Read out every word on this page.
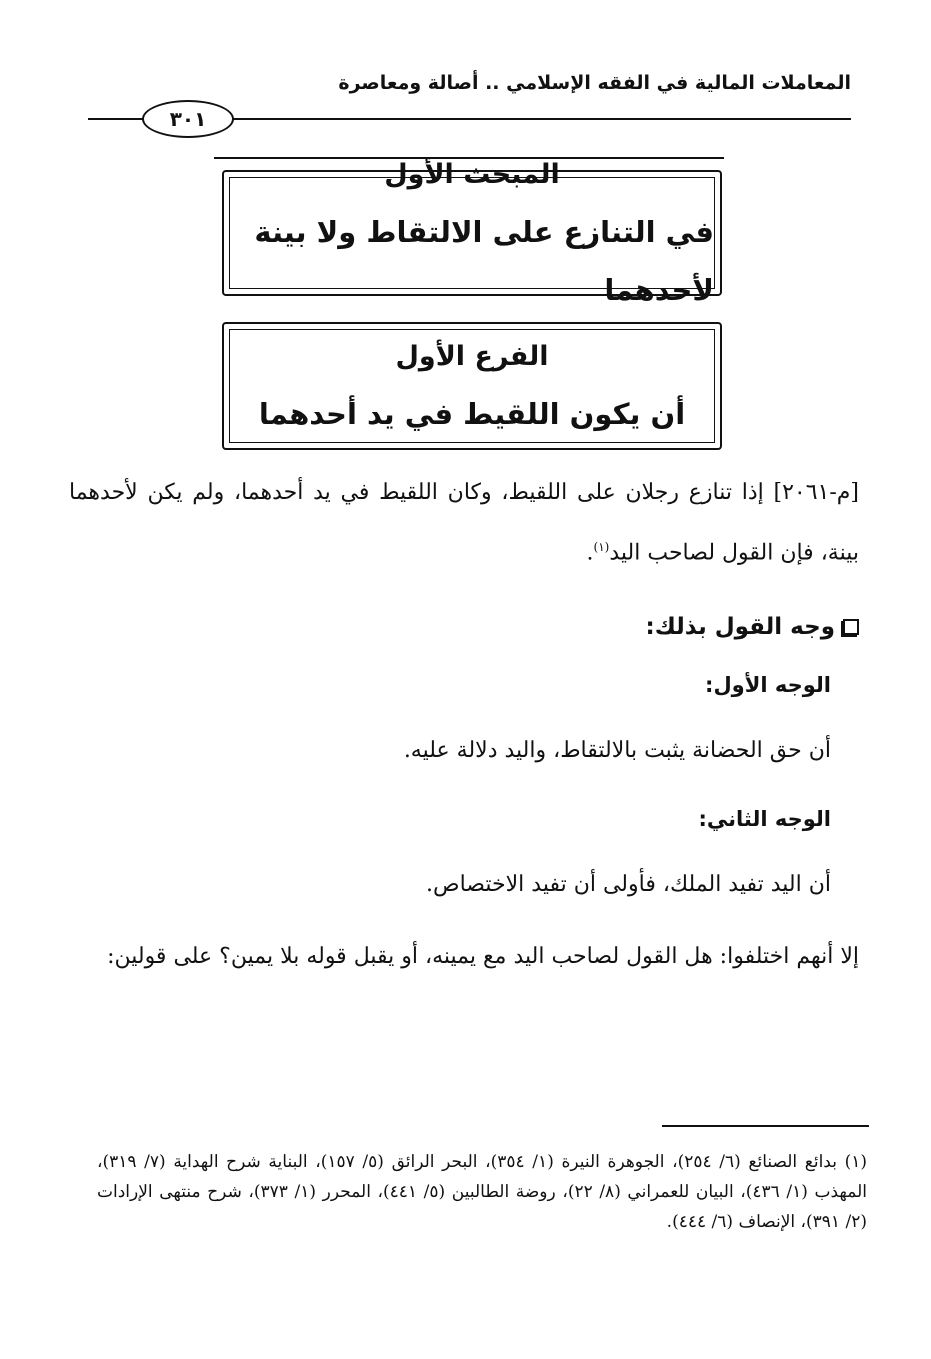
المعاملات المالية في الفقه الإسلامي .. أصالة ومعاصرة
٣٠١
المبحث الأول
في التنازع على الالتقاط ولا بينة لأحدهما
الفرع الأول
أن يكون اللقيط في يد أحدهما
[م-٢٠٦١] إذا تنازع رجلان على اللقيط، وكان اللقيط في يد أحدهما، ولم يكن لأحدهما بينة، فإن القول لصاحب اليد$^{(١)}$.
وجه القول بذلك:
الوجه الأول:
أن حق الحضانة يثبت بالالتقاط، واليد دلالة عليه.
الوجه الثاني:
أن اليد تفيد الملك، فأولى أن تفيد الاختصاص.
إلا أنهم اختلفوا: هل القول لصاحب اليد مع يمينه، أو يقبل قوله بلا يمين؟ على قولين:
(١) بدائع الصنائع (٦/ ٢٥٤)، الجوهرة النيرة (١/ ٣٥٤)، البحر الرائق (٥/ ١٥٧)، البناية شرح الهداية (٧/ ٣١٩)، المهذب (١/ ٤٣٦)، البيان للعمراني (٨/ ٢٢)، روضة الطالبين (٥/ ٤٤١)، المحرر (١/ ٣٧٣)، شرح منتهى الإرادات (٢/ ٣٩١)، الإنصاف (٦/ ٤٤٤).
